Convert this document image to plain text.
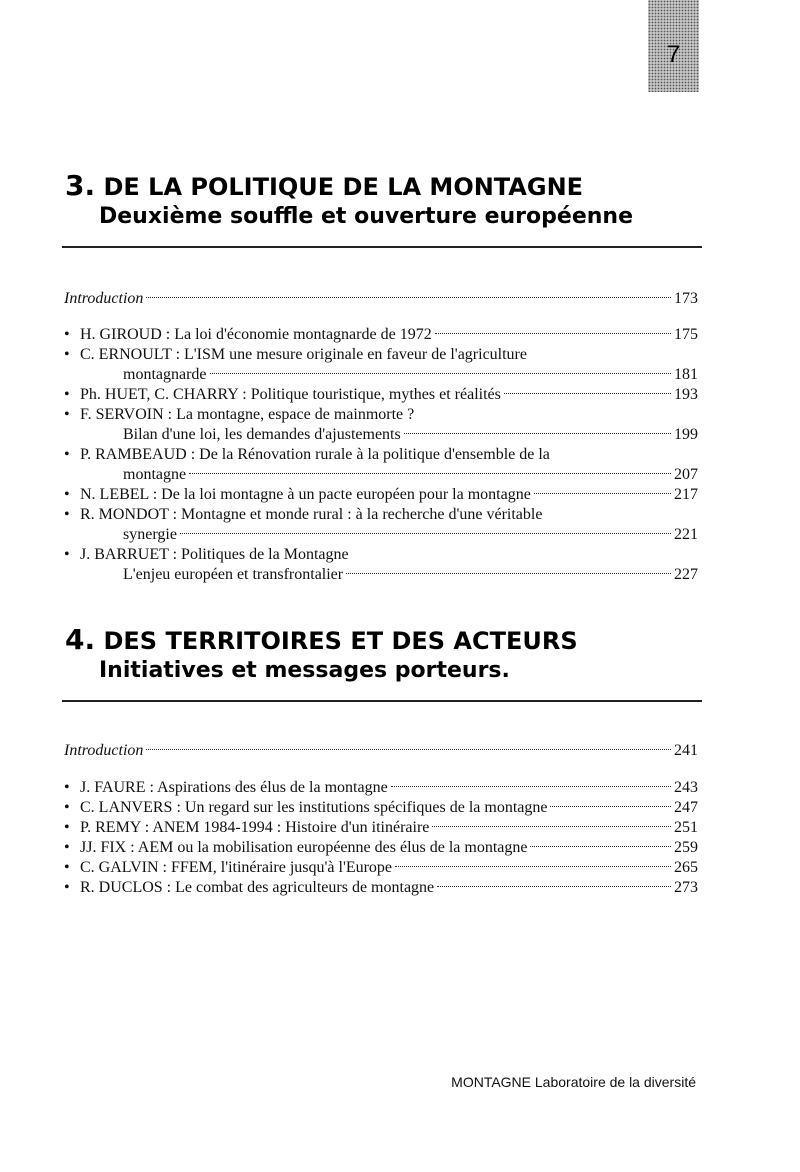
7
3. DE LA POLITIQUE DE LA MONTAGNE
Deuxième souffle et ouverture européenne
Introduction	173
• H. GIROUD : La loi d'économie montagnarde de 1972	175
• C. ERNOULT : L'ISM une mesure originale en faveur de l'agriculture
montagnarde	181
• Ph. HUET, C. CHARRY : Politique touristique, mythes et réalités	193
• F. SERVOIN : La montagne, espace de mainmorte ?
Bilan d'une loi, les demandes d'ajustements	199
• P. RAMBEAUD : De la Rénovation rurale à la politique d'ensemble de la
montagne	207
• N. LEBEL : De la loi montagne à un pacte européen pour la montagne	217
• R. MONDOT : Montagne et monde rural : à la recherche d'une véritable
synergie	221
• J. BARRUET : Politiques de la Montagne
L'enjeu européen et transfrontalier	227
4. DES TERRITOIRES ET DES ACTEURS
Initiatives et messages porteurs.
Introduction	241
• J. FAURE : Aspirations des élus de la montagne	243
• C. LANVERS : Un regard sur les institutions spécifiques de la montagne	247
• P. REMY : ANEM 1984-1994 : Histoire d'un itinéraire	251
• JJ. FIX : AEM ou la mobilisation européenne des élus de la montagne	259
• C. GALVIN : FFEM, l'itinéraire jusqu'à l'Europe	265
• R. DUCLOS : Le combat des agriculteurs de montagne	273
MONTAGNE Laboratoire de la diversité
